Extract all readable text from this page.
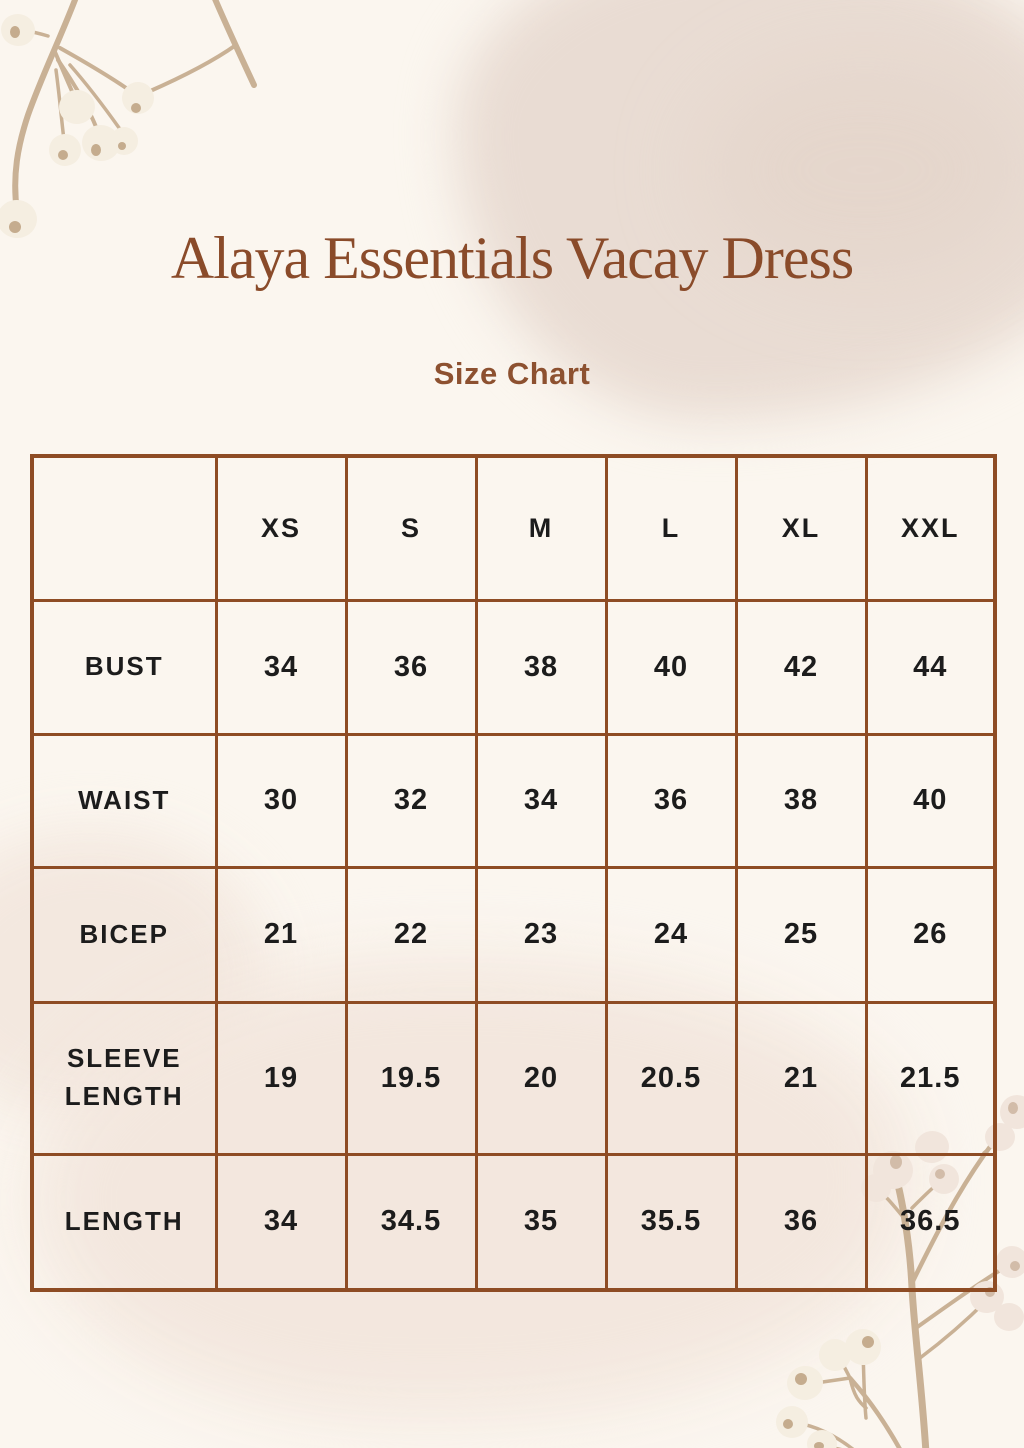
Alaya Essentials Vacay Dress
Size Chart
	XS	S	M	L	XL	XXL
BUST	34	36	38	40	42	44
WAIST	30	32	34	36	38	40
BICEP	21	22	23	24	25	26
SLEEVE LENGTH	19	19.5	20	20.5	21	21.5
LENGTH	34	34.5	35	35.5	36	36.5
